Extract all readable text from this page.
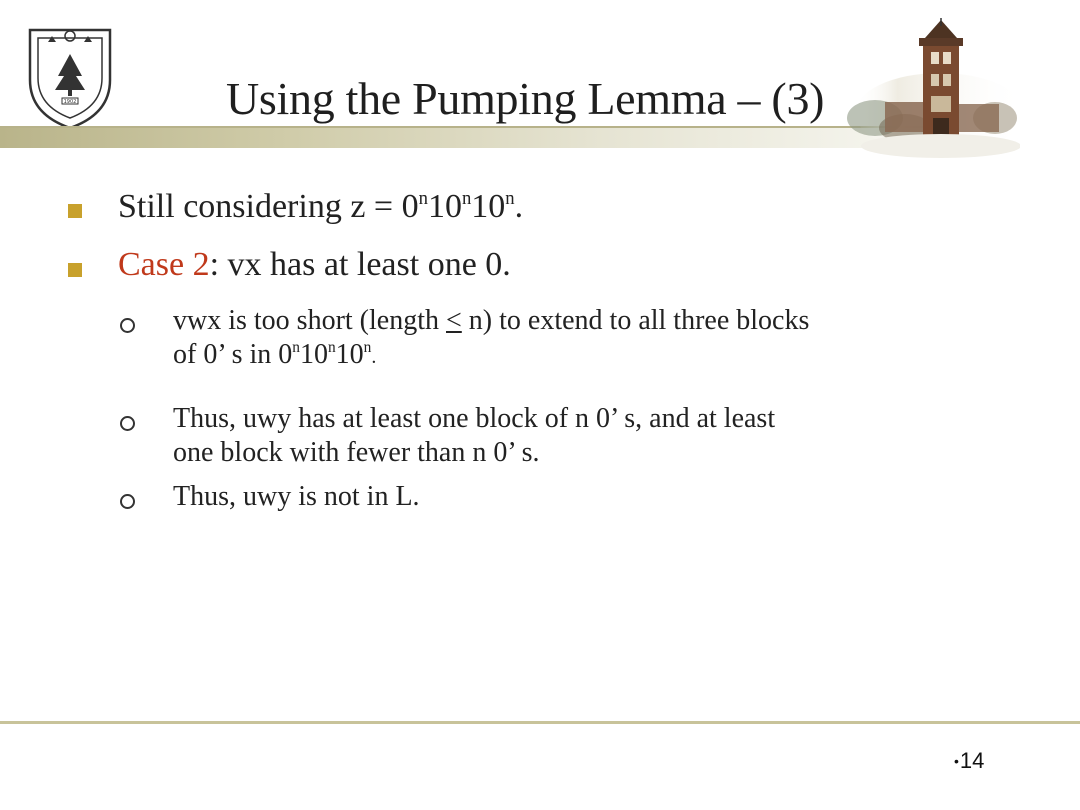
1902	Using the Pumping Lemma – (3)
Still considering $z = 0^n10^n10^n$.
Case 2: vx has at least one 0.
vwx is too short (length < n) to extend to all three blocks
of 0’ s in 0$^n$10$^n$10$^n$.
Thus, uwy has at least one block of n 0’ s, and at least
one block with fewer than n 0’ s.
Thus, uwy is not in L.
•14
